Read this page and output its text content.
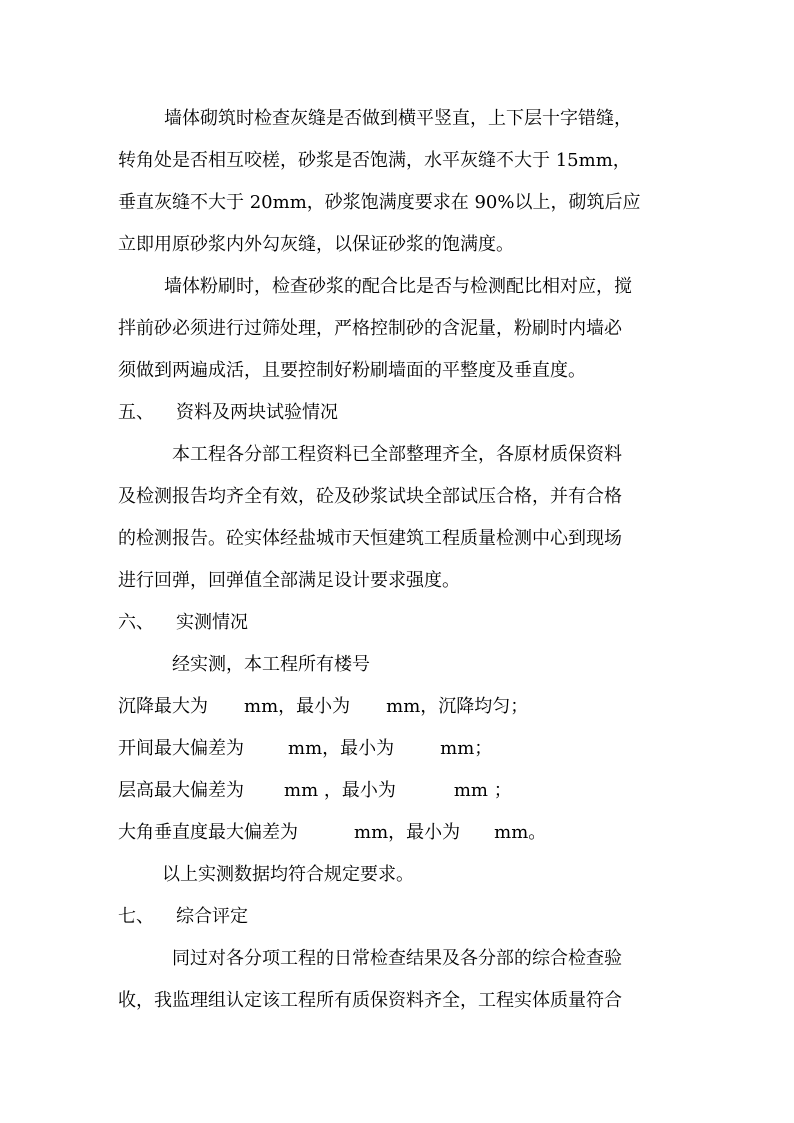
墙体砌筑时检查灰缝是否做到横平竖直，上下层十字错缝，
转角处是否相互咬槎，砂浆是否饱满，水平灰缝不大于 15mm，
垂直灰缝不大于 20mm，砂浆饱满度要求在 90%以上，砌筑后应
立即用原砂浆内外勾灰缝，以保证砂浆的饱满度。
墙体粉刷时，检查砂浆的配合比是否与检测配比相对应，搅
拌前砂必须进行过筛处理，严格控制砂的含泥量，粉刷时内墙必
须做到两遍成活，且要控制好粉刷墙面的平整度及垂直度。
五、 资料及两块试验情况
本工程各分部工程资料已全部整理齐全，各原材质保资料
及检测报告均齐全有效，砼及砂浆试块全部试压合格，并有合格
的检测报告。砼实体经盐城市天恒建筑工程质量检测中心到现场
进行回弹，回弹值全部满足设计要求强度。
六、 实测情况
经实测，本工程所有楼号
沉降最大为 mm，最小为 mm，沉降均匀；
开间最大偏差为 mm，最小为	mm；
层高最大偏差为 mm ，最小为	mm ；
大角垂直度最大偏差为	mm，最小为 mm。
以上实测数据均符合规定要求。
七、 综合评定
同过对各分项工程的日常检查结果及各分部的综合检查验
收，我监理组认定该工程所有质保资料齐全，工程实体质量符合
